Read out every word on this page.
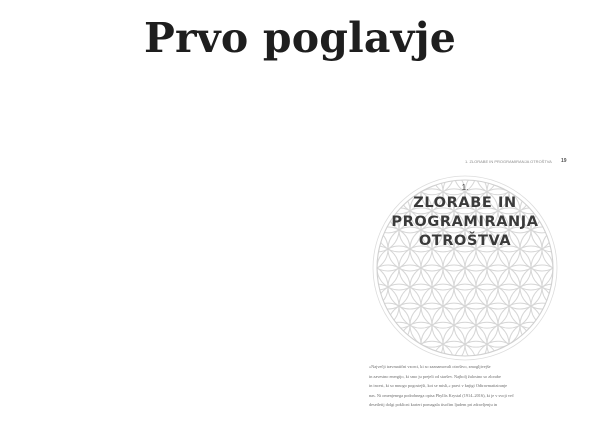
Prvo poglavje
1. ZLORABE IN PROGRAMIRANJA OTROŠTVA	19
1.
ZLORABE IN
PROGRAMIRANJA OTROŠTVA

»Največji travmatični vzorci, ki so zaznamovali otroštvo, zmogljivejše

in zavestno energijo, ki smo ju prejeli od staršev. Najbolj žalostno so zlorabe

in incest, ki so mnogo pogostejši, kot se misli,« pravi v knjigi Odtravmatiziranje

nas. Ni omenjenega podrobnega opisa Phyllis Krystal (1914–2016), ki je v svoji več

desetletij dolgi poklicni karieri pomagala tisočim ljudem pri zdravljenju in
